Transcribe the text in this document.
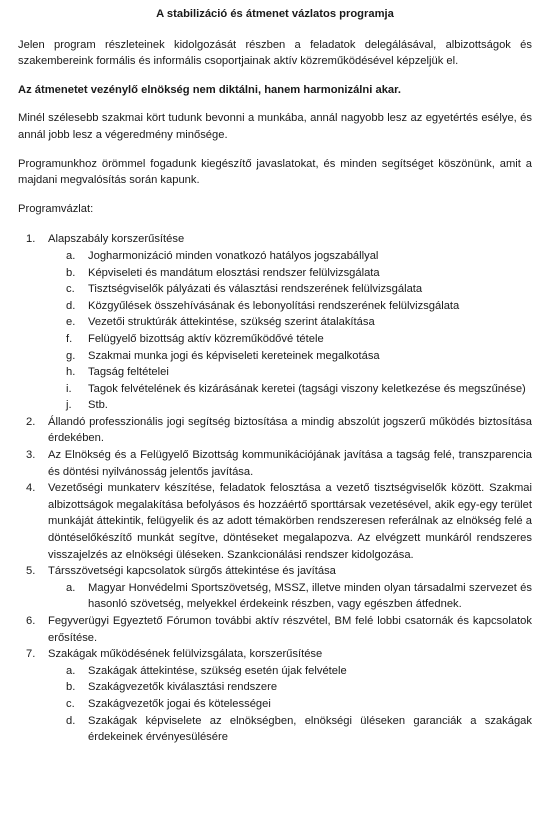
A stabilizáció és átmenet vázlatos programja

Jelen program részleteinek kidolgozását részben a feladatok delegálásával, albizottságok és szakembereink formális és informális csoportjainak aktív közreműködésével képzeljük el.

Az átmenetet vezénylő elnökség nem diktálni, hanem harmonizálni akar.

Minél szélesebb szakmai kört tudunk bevonni a munkába, annál nagyobb lesz az egyetértés esélye, és annál jobb lesz a végeredmény minősége.

Programunkhoz örömmel fogadunk kiegészítő javaslatokat, és minden segítséget köszönünk, amit a majdani megvalósítás során kapunk.

Programvázlat:

1. Alapszabály korszerűsítése
a. Jogharmonizáció minden vonatkozó hatályos jogszabállyal
b. Képviseleti és mandátum elosztási rendszer felülvizsgálata
c. Tisztségviselők pályázati és választási rendszerének felülvizsgálata
d. Közgyűlések összehívásának és lebonyolítási rendszerének felülvizsgálata
e. Vezetői struktúrák áttekintése, szükség szerint átalakítása
f. Felügyelő bizottság aktív közreműködővé tétele
g. Szakmai munka jogi és képviseleti kereteinek megalkotása
h. Tagság feltételei
i. Tagok felvételének és kizárásának keretei (tagsági viszony keletkezése és megszűnése)
j. Stb.
2. Állandó professzionális jogi segítség biztosítása a mindig abszolút jogszerű működés biztosítása érdekében.
3. Az Elnökség és a Felügyelő Bizottság kommunikációjának javítása a tagság felé, transzparencia és döntési nyilvánosság jelentős javítása.
4. Vezetőségi munkaterv készítése, feladatok felosztása a vezető tisztségviselők között. Szakmai albizottságok megalakítása befolyásos és hozzáértő sporttársak vezetésével, akik egy-egy terület munkáját áttekintik, felügyelik és az adott témakörben rendszeresen referálnak az elnökség felé a döntéselőkészítő munkát segítve, döntéseket megalapozva. Az elvégzett munkáról rendszeres visszajelzés az elnökségi üléseken. Szankcionálási rendszer kidolgozása.
5. Társszövetségi kapcsolatok sürgős áttekintése és javítása
a. Magyar Honvédelmi Sportszövetség, MSSZ, illetve minden olyan társadalmi szervezet és hasonló szövetség, melyekkel érdekeink részben, vagy egészben átfednek.
6. Fegyverügyi Egyeztető Fórumon további aktív részvétel, BM felé lobbi csatornák és kapcsolatok erősítése.
7. Szakágak működésének felülvizsgálata, korszerűsítése
a. Szakágak áttekintése, szükség esetén újak felvétele
b. Szakágvezetők kiválasztási rendszere
c. Szakágvezetők jogai és kötelességei
d. Szakágak képviselete az elnökségben, elnökségi üléseken garanciák a szakágak érdekeinek érvényesülésére
